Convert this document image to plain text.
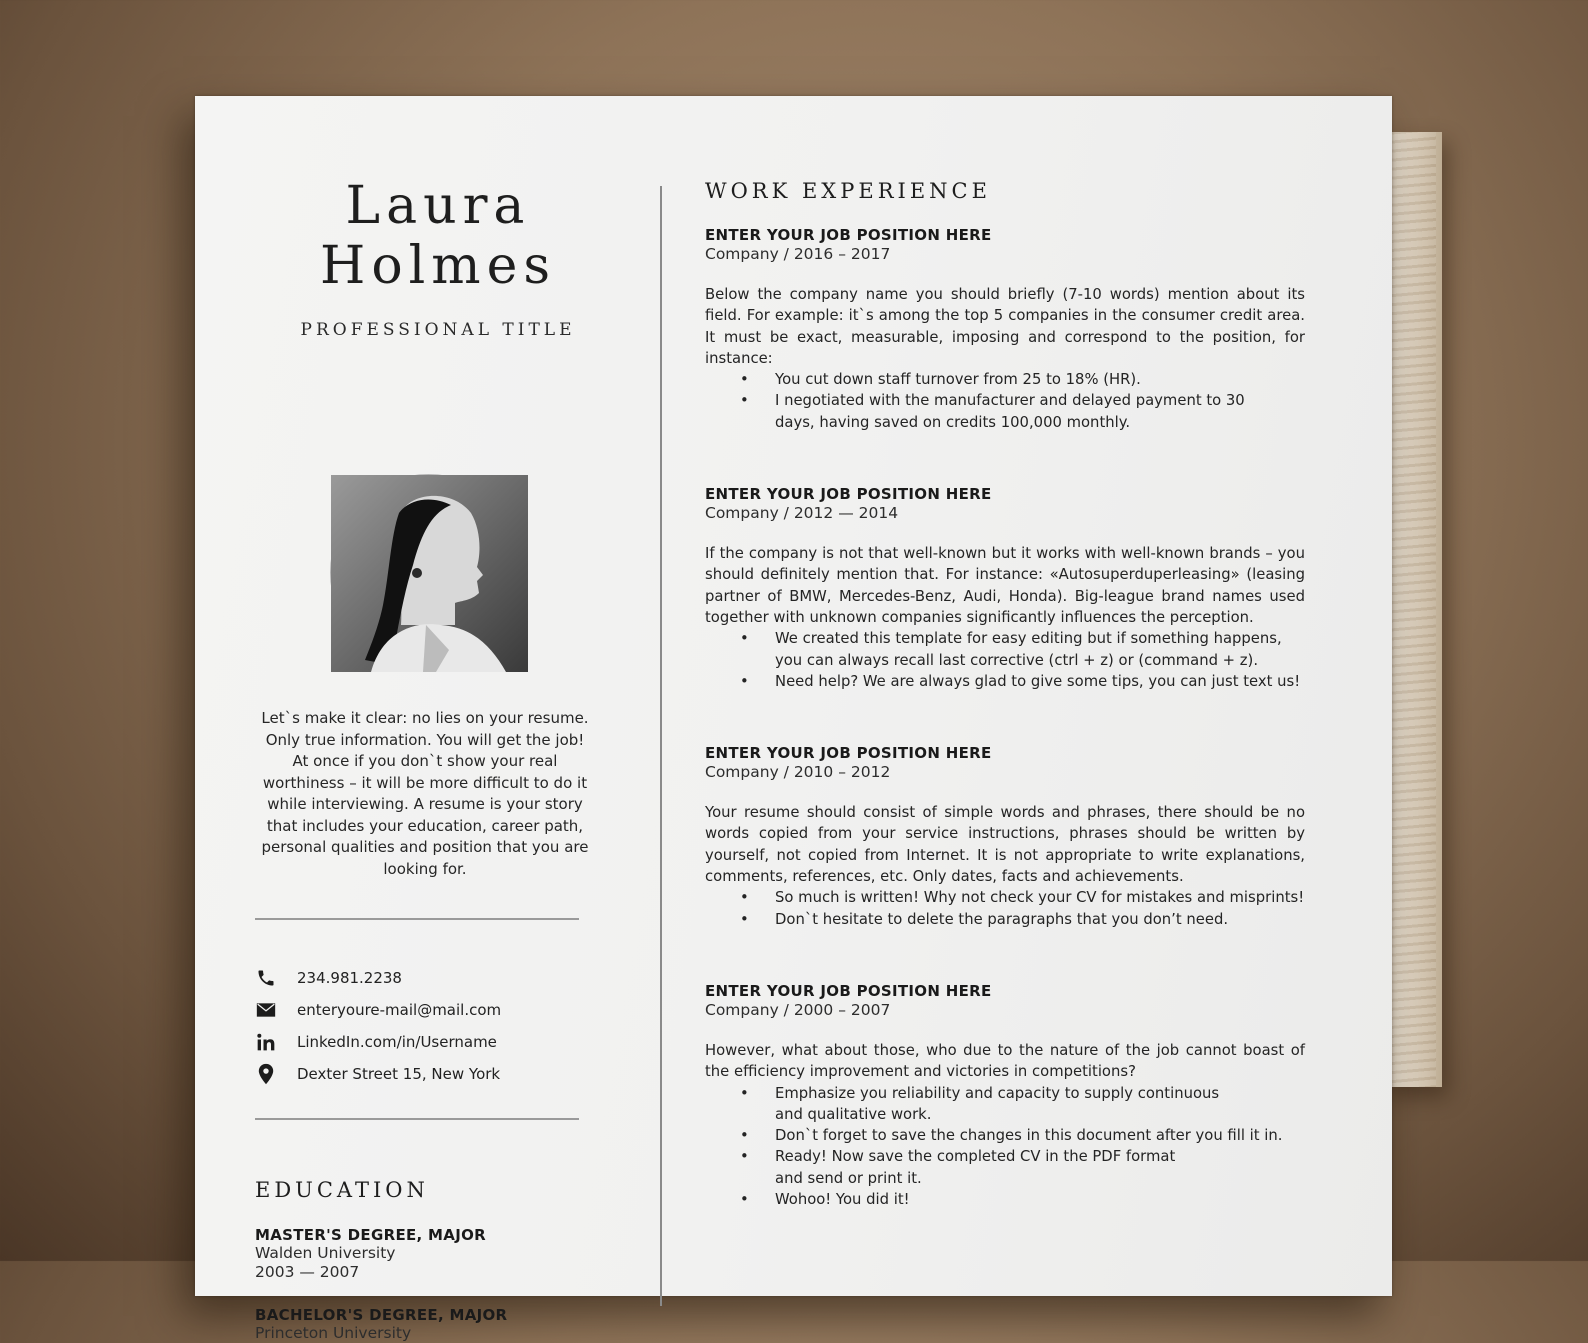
Laura
Holmes
PROFESSIONAL TITLE
Let`s make it clear: no lies on your resume. Only true information. You will get the job! At once if you don`t show your real worthiness – it will be more difficult to do it while interviewing. A resume is your story that includes your education, career path, personal qualities and position that you are looking for.
234.981.2238
enteryoure-mail@mail.com
LinkedIn.com/in/Username
Dexter Street 15, New York
EDUCATION
MASTER'S DEGREE, MAJOR
Walden University
2003 — 2007
BACHELOR'S DEGREE, MAJOR
Princeton University
WORK EXPERIENCE
ENTER YOUR JOB POSITION HERE
Company / 2016 – 2017
Below the company name you should briefly (7-10 words) mention about its field. For example: it`s among the top 5 companies in the consumer credit area. It must be exact, measurable, imposing and correspond to the position, for instance:
• You cut down staff turnover from 25 to 18% (HR).
• I negotiated with the manufacturer and delayed payment to 30 days, having saved on credits 100,000 monthly.
ENTER YOUR JOB POSITION HERE
Company / 2012 — 2014
If the company is not that well-known but it works with well-known brands – you should definitely mention that. For instance: «Autosuperduperleasing» (leasing partner of BMW, Mercedes-Benz, Audi, Honda). Big-league brand names used together with unknown companies significantly influences the perception.
• We created this template for easy editing but if something happens, you can always recall last corrective (ctrl + z) or (command + z).
• Need help? We are always glad to give some tips, you can just text us!
ENTER YOUR JOB POSITION HERE
Company / 2010 – 2012
Your resume should consist of simple words and phrases, there should be no words copied from your service instructions, phrases should be written by yourself, not copied from Internet. It is not appropriate to write explanations, comments, references, etc. Only dates, facts and achievements.
• So much is written! Why not check your CV for mistakes and misprints!
• Don`t hesitate to delete the paragraphs that you don’t need.
ENTER YOUR JOB POSITION HERE
Company / 2000 – 2007
However, what about those, who due to the nature of the job cannot boast of the efficiency improvement and victories in competitions?
• Emphasize you reliability and capacity to supply continuous and qualitative work.
• Don`t forget to save the changes in this document after you fill it in.
• Ready! Now save the completed CV in the PDF format and send or print it.
• Wohoo! You did it!
